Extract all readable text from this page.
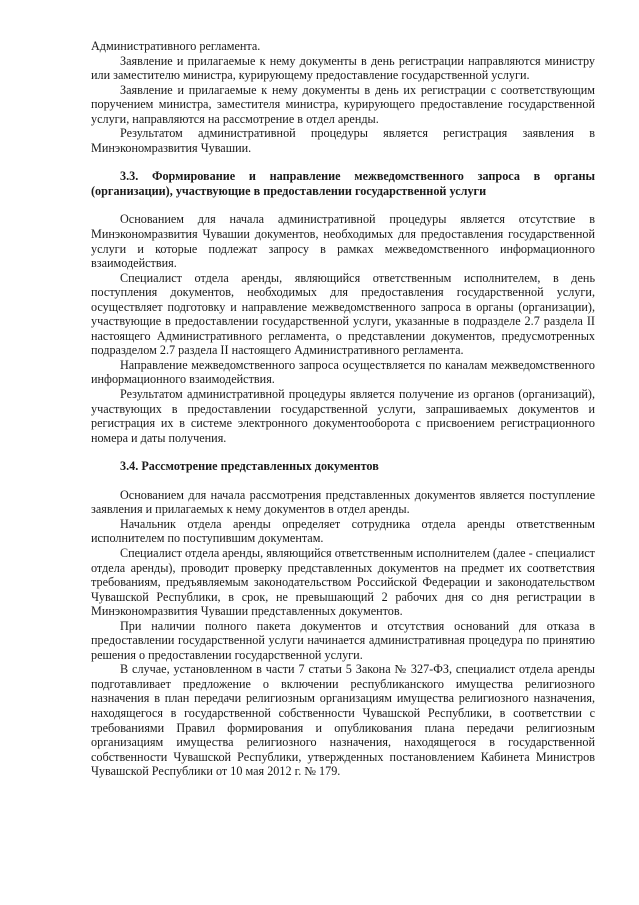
Административного регламента.

Заявление и прилагаемые к нему документы в день регистрации направляются министру или заместителю министра, курирующему предоставление государственной услуги.

Заявление и прилагаемые к нему документы в день их регистрации с соответствующим поручением министра, заместителя министра, курирующего предоставление государственной услуги, направляются на рассмотрение в отдел аренды.

Результатом административной процедуры является регистрация заявления в Минэкономразвития Чувашии.

3.3. Формирование и направление межведомственного запроса в органы (организации), участвующие в предоставлении государственной услуги

Основанием для начала административной процедуры является отсутствие в Минэкономразвития Чувашии документов, необходимых для предоставления государственной услуги и которые подлежат запросу в рамках межведомственного информационного взаимодействия.

Специалист отдела аренды, являющийся ответственным исполнителем, в день поступления документов, необходимых для предоставления государственной услуги, осуществляет подготовку и направление межведомственного запроса в органы (организации), участвующие в предоставлении государственной услуги, указанные в подразделе 2.7 раздела II настоящего Административного регламента, о представлении документов, предусмотренных подразделом 2.7 раздела II настоящего Административного регламента.

Направление межведомственного запроса осуществляется по каналам межведомственного информационного взаимодействия.

Результатом административной процедуры является получение из органов (организаций), участвующих в предоставлении государственной услуги, запрашиваемых документов и регистрация их в системе электронного документооборота с присвоением регистрационного номера и даты получения.

3.4. Рассмотрение представленных документов

Основанием для начала рассмотрения представленных документов является поступление заявления и прилагаемых к нему документов в отдел аренды.

Начальник отдела аренды определяет сотрудника отдела аренды ответственным исполнителем по поступившим документам.

Специалист отдела аренды, являющийся ответственным исполнителем (далее - специалист отдела аренды), проводит проверку представленных документов на предмет их соответствия требованиям, предъявляемым законодательством Российской Федерации и законодательством Чувашской Республики, в срок, не превышающий 2 рабочих дня со дня регистрации в Минэкономразвития Чувашии представленных документов.

При наличии полного пакета документов и отсутствия оснований для отказа в предоставлении государственной услуги начинается административная процедура по принятию решения о предоставлении государственной услуги.

В случае, установленном в части 7 статьи 5 Закона № 327-ФЗ, специалист отдела аренды подготавливает предложение о включении республиканского имущества религиозного назначения в план передачи религиозным организациям имущества религиозного назначения, находящегося в государственной собственности Чувашской Республики, в соответствии с требованиями Правил формирования и опубликования плана передачи религиозным организациям имущества религиозного назначения, находящегося в государственной собственности Чувашской Республики, утвержденных постановлением Кабинета Министров Чувашской Республики от 10 мая 2012 г. № 179.
